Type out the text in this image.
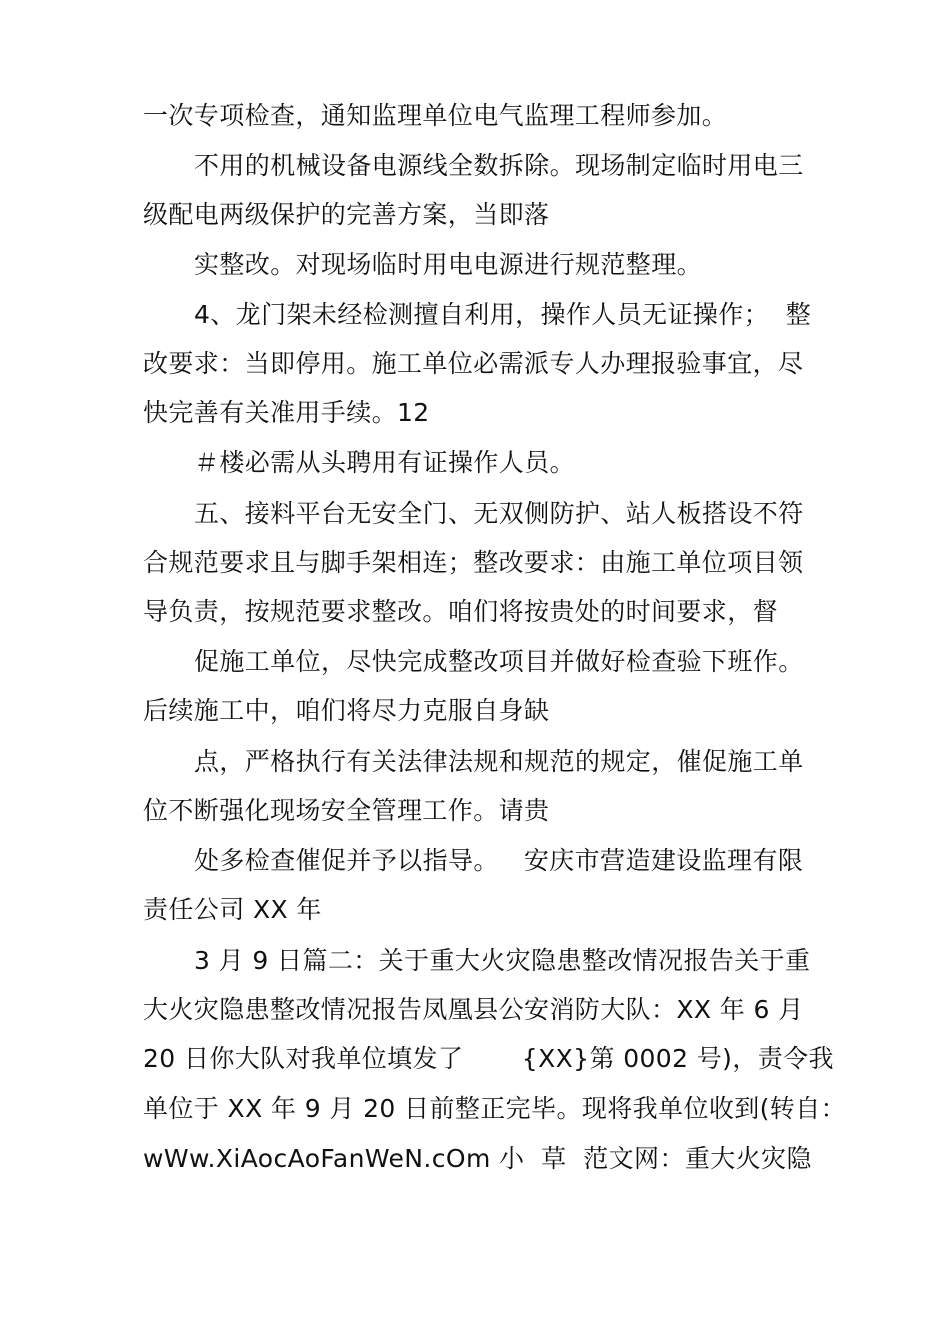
一次专项检查，通知监理单位电气监理工程师参加。
不用的机械设备电源线全数拆除。现场制定临时用电三
级配电两级保护的完善方案，当即落
实整改。对现场临时用电电源进行规范整理。
4、龙门架未经检测擅自利用，操作人员无证操作；  整
改要求：当即停用。施工单位必需派专人办理报验事宜，尽
快完善有关准用手续。12
＃楼必需从头聘用有证操作人员。
五、接料平台无安全门、无双侧防护、站人板搭设不符
合规范要求且与脚手架相连；整改要求：由施工单位项目领
导负责，按规范要求整改。咱们将按贵处的时间要求，督
促施工单位，尽快完成整改项目并做好检查验下班作。
后续施工中，咱们将尽力克服自身缺
点，严格执行有关法律法规和规范的规定，催促施工单
位不断强化现场安全管理工作。请贵
处多检查催促并予以指导。   安庆市营造建设监理有限
责任公司 XX 年
3 月 9 日篇二：关于重大火灾隐患整改情况报告关于重
大火灾隐患整改情况报告凤凰县公安消防大队：XX 年 6 月
20 日你大队对我单位填发了       {XX}第 0002 号)，责令我
单位于 XX 年 9 月 20 日前整正完毕。现将我单位收到(转自：
wWw.XiAocAoFanWeN.cOm 小  草  范文网：重大火灾隐
